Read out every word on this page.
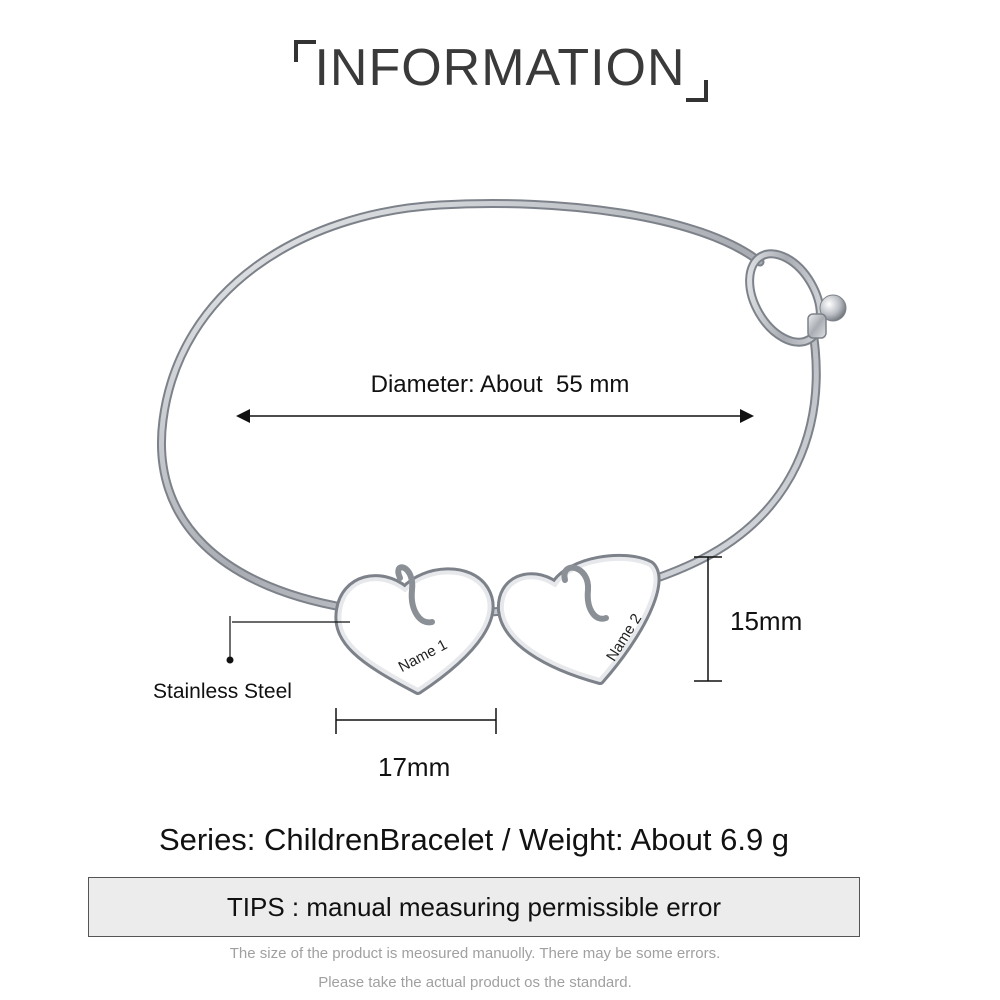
INFORMATION
Name 1	Name 2
Diameter: About  55 mm
15mm
17mm
Stainless Steel
Series: ChildrenBracelet / Weight: About 6.9 g
TIPS : manual measuring permissible error
The size of the product is meosured manuolly. There may be some errors.
Please take the actual product os the standard.
